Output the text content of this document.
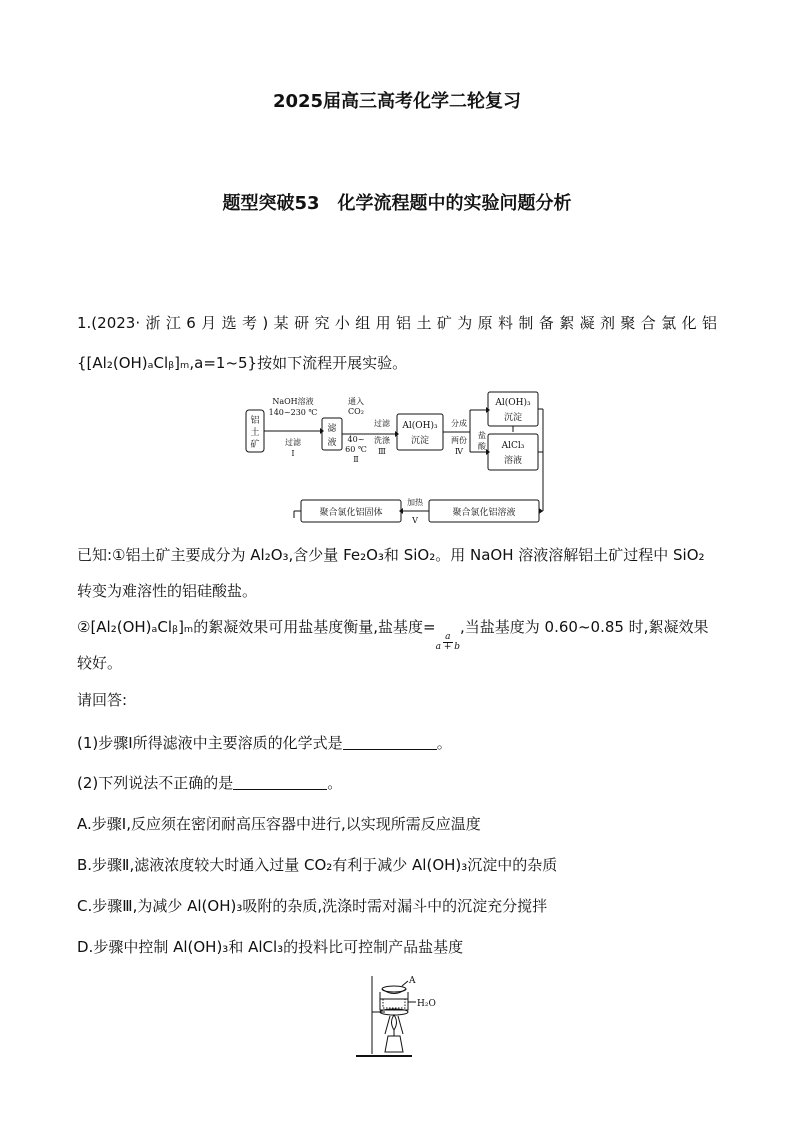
2025届高三高考化学二轮复习
题型突破53　化学流程题中的实验问题分析
1.(2023·浙江6月选考)某研究小组用铝土矿为原料制备絮凝剂聚合氯化铝
{[Al₂(OH)ₐClᵦ]ₘ,a=1~5}按如下流程开展实验。
铝
土
矿
NaOH溶液
140~230 ℃
过滤
Ⅰ
滤
液
通入
CO₂
40~
60 ℃
Ⅱ
过滤
洗涤
Ⅲ
Al(OH)₃
沉淀
分成
两份
Ⅳ
Al(OH)₃
沉淀
盐
酸 AlCl₃
溶液
聚合氯化铝溶液
加热
Ⅴ
聚合氯化铝固体
已知:①铝土矿主要成分为 Al₂O₃,含少量 Fe₂O₃和 SiO₂。用 NaOH 溶液溶解铝土矿过程中 SiO₂
转变为难溶性的铝硅酸盐。
②[Al₂(OH)ₐClᵦ]ₘ的絮凝效果可用盐基度衡量,盐基度=
$\frac{a}{a + b}$
,当盐基度为 0.60~0.85 时,絮凝效果
较好。
请回答:
(1)步骤Ⅰ所得滤液中主要溶质的化学式是	。
(2)下列说法不正确的是	。
A.步骤Ⅰ,反应须在密闭耐高压容器中进行,以实现所需反应温度
B.步骤Ⅱ,滤液浓度较大时通入过量 CO₂有利于减少 Al(OH)₃沉淀中的杂质
C.步骤Ⅲ,为减少 Al(OH)₃吸附的杂质,洗涤时需对漏斗中的沉淀充分搅拌
D.步骤中控制 Al(OH)₃和 AlCl₃的投料比可控制产品盐基度
A
H₂O
